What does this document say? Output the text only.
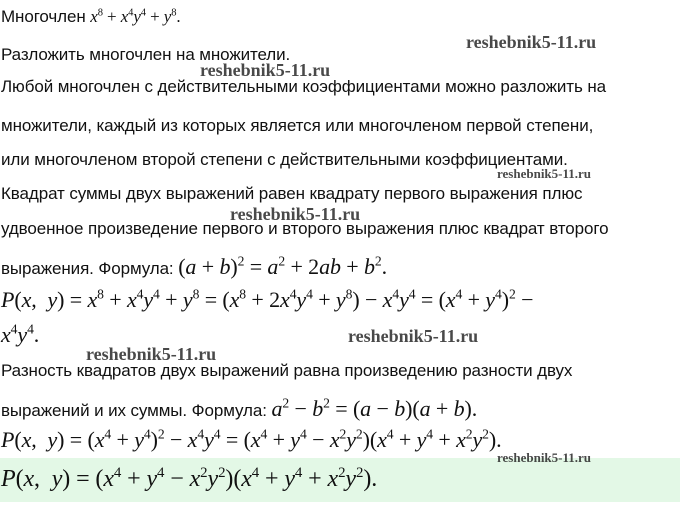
Многочлен $x^8 + x^4y^4 + y^8$.
Разложить многочлен на множители.
Любой многочлен с действительными коэффициентами можно разложить на
множители, каждый из которых является или многочленом первой степени,
или многочленом второй степени с действительными коэффициентами.
Квадрат суммы двух выражений равен квадрату первого выражения плюс
удвоенное произведение первого и второго выражения плюс квадрат второго
выражения. Формула: $(a + b)^2 = a^2 + 2ab + b^2$.
P(x,  $y) = x^8 + x^4y^4 + y^8 = (x^8 + 2x^4y^4 + y^8) - x^4y^4 = (x^4 + y^4)^2$ −
$x^4y^4$.
Разность квадратов двух выражений равна произведению разности двух
выражений и их суммы. Формула: $a^2 - b^2 = (a - b)(a + b)$.
P(x,  $y) = (x^4 + y^4)^2 - x^4y^4 = (x^4 + y^4 - x^2y^2)(x^4 + y^4 + x^2y^2)$.
P(x,  $y) = (x^4 + y^4 - x^2y^2)(x^4 + y^4 + x^2y^2)$.
reshebnik5-11.ru
reshebnik5-11.ru
reshebnik5-11.ru
reshebnik5-11.ru
reshebnik5-11.ru
reshebnik5-11.ru
reshebnik5-11.ru
